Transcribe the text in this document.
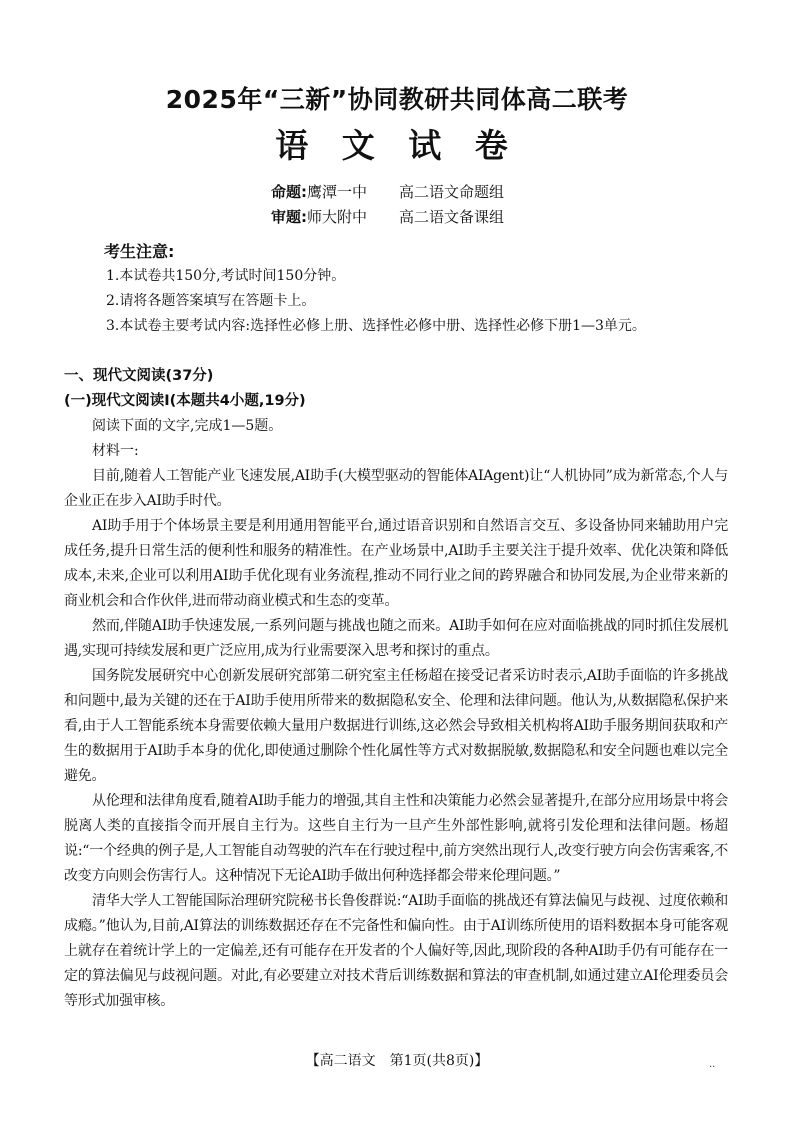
2025年“三新”协同教研共同体高二联考
语 文 试 卷
命题:鹰潭一中 高二语文命题组
审题:师大附中 高二语文备课组
考生注意:
1.本试卷共150分,考试时间150分钟。
2.请将各题答案填写在答题卡上。
3.本试卷主要考试内容:选择性必修上册、选择性必修中册、选择性必修下册1—3单元。
一、现代文阅读(37分)
(一)现代文阅读Ⅰ(本题共4小题,19分)

阅读下面的文字,完成1—5题。

材料一:

目前,随着人工智能产业飞速发展,AI助手(大模型驱动的智能体AIAgent)让“人机协同”成为新常态,个人与企业正在步入AI助手时代。

AI助手用于个体场景主要是利用通用智能平台,通过语音识别和自然语言交互、多设备协同来辅助用户完成任务,提升日常生活的便利性和服务的精准性。在产业场景中,AI助手主要关注于提升效率、优化决策和降低成本,未来,企业可以利用AI助手优化现有业务流程,推动不同行业之间的跨界融合和协同发展,为企业带来新的商业机会和合作伙伴,进而带动商业模式和生态的变革。

然而,伴随AI助手快速发展,一系列问题与挑战也随之而来。AI助手如何在应对面临挑战的同时抓住发展机遇,实现可持续发展和更广泛应用,成为行业需要深入思考和探讨的重点。

国务院发展研究中心创新发展研究部第二研究室主任杨超在接受记者采访时表示,AI助手面临的许多挑战和问题中,最为关键的还在于AI助手使用所带来的数据隐私安全、伦理和法律问题。他认为,从数据隐私保护来看,由于人工智能系统本身需要依赖大量用户数据进行训练,这必然会导致相关机构将AI助手服务期间获取和产生的数据用于AI助手本身的优化,即使通过删除个性化属性等方式对数据脱敏,数据隐私和安全问题也难以完全避免。

从伦理和法律角度看,随着AI助手能力的增强,其自主性和决策能力必然会显著提升,在部分应用场景中将会脱离人类的直接指令而开展自主行为。这些自主行为一旦产生外部性影响,就将引发伦理和法律问题。杨超说:“一个经典的例子是,人工智能自动驾驶的汽车在行驶过程中,前方突然出现行人,改变行驶方向会伤害乘客,不改变方向则会伤害行人。这种情况下无论AI助手做出何种选择都会带来伦理问题。”

清华大学人工智能国际治理研究院秘书长鲁俊群说:“AI助手面临的挑战还有算法偏见与歧视、过度依赖和成瘾。”他认为,目前,AI算法的训练数据还存在不完备性和偏向性。由于AI训练所使用的语料数据本身可能客观上就存在着统计学上的一定偏差,还有可能存在开发者的个人偏好等,因此,现阶段的各种AI助手仍有可能存在一定的算法偏见与歧视问题。对此,有必要建立对技术背后训练数据和算法的审查机制,如通过建立AI伦理委员会等形式加强审核。

【高二语文　第1页(共8页)】	··
